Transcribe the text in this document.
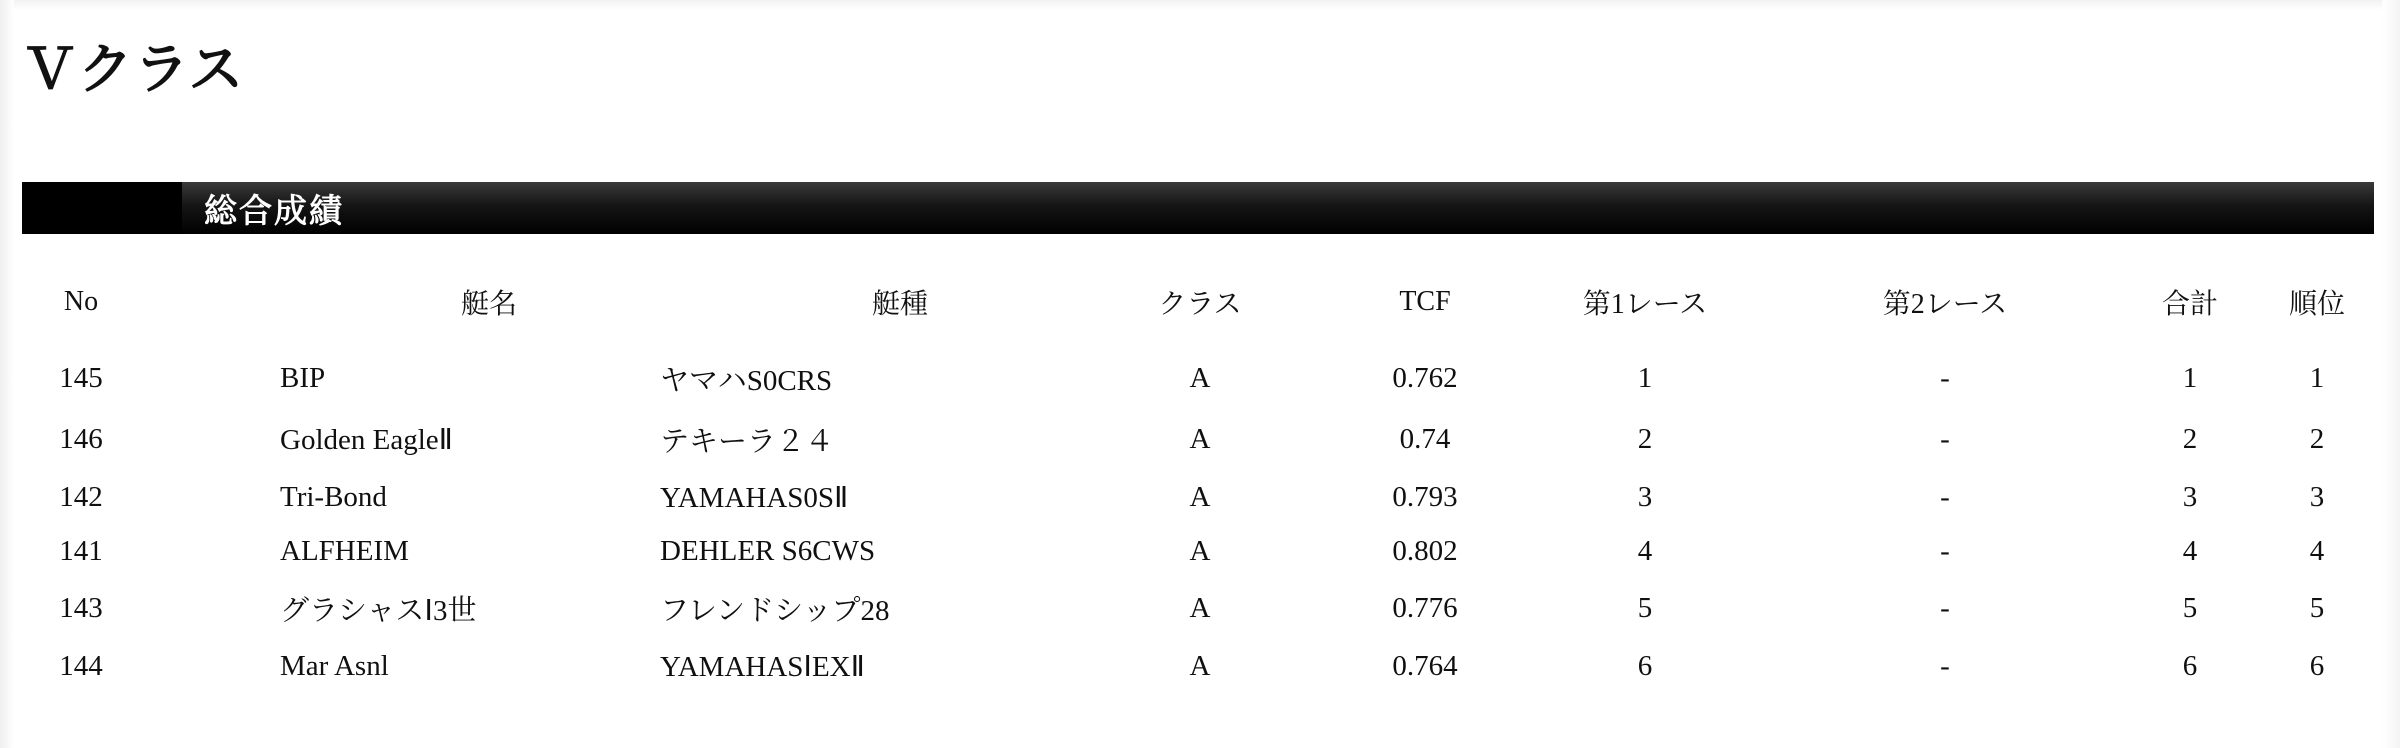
Ｖクラス
総合成績
No	艇名	艇種	クラス	TCF	第1レース	第2レース	合計	順位
145	BIP	ヤマハS0CRS	A	0.762	1	-	1	1
146	Golden EagleⅡ	テキーラ２４	A	0.74	2	-	2	2
142	Tri-Bond	YAMAHAS0SⅡ	A	0.793	3	-	3	3
141	ALFHEIM	DEHLER S6CWS	A	0.802	4	-	4	4
143	グラシャスⅠ3世	フレンドシップ28	A	0.776	5	-	5	5
144	Mar Asnl	YAMAHASⅠEXⅡ	A	0.764	6	-	6	6
